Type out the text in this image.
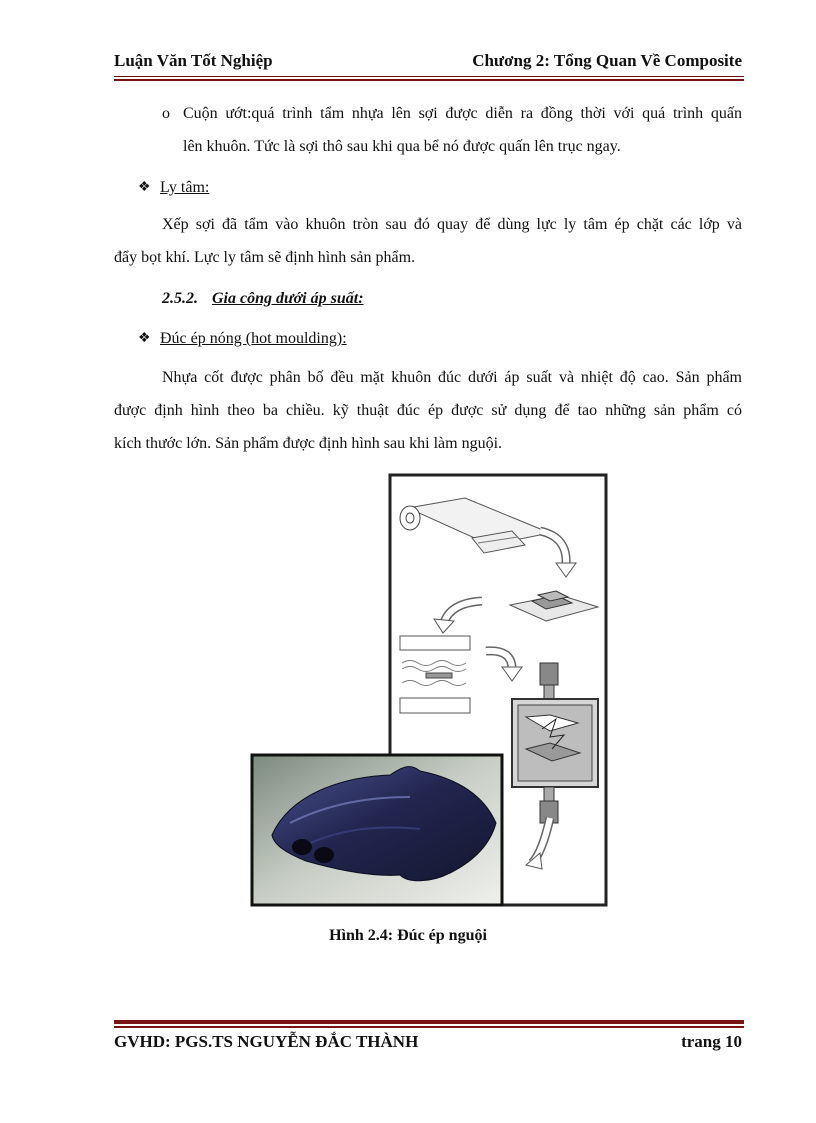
Luận Văn Tốt Nghiệp	Chương 2: Tổng Quan Về Composite
o Cuộn ướt:quá trình tẩm nhựa lên sợi được diễn ra đồng thời với quá trình quấn
lên khuôn. Tức là sợi thô sau khi qua bể nó được quấn lên trục ngay.
❖ Ly tâm:
Xếp sợi đã tẩm vào khuôn tròn sau đó quay để dùng lực ly tâm ép chặt các lớp và
đẩy bọt khí. Lực ly tâm sẽ định hình sản phẩm.
2.5.2. Gia công dưới áp suất:
❖ Đúc ép nóng (hot moulding):
Nhựa cốt được phân bố đều mặt khuôn đúc dưới áp suất và nhiệt độ cao. Sản phẩm
được định hình theo ba chiều. kỹ thuật đúc ép được sử dụng để tao những sản phẩm có
kích thước lớn. Sản phẩm được định hình sau khi làm nguội.
Hình 2.4: Đúc ép nguội
GVHD: PGS.TS NGUYỄN ĐẮC THÀNH	trang 10
